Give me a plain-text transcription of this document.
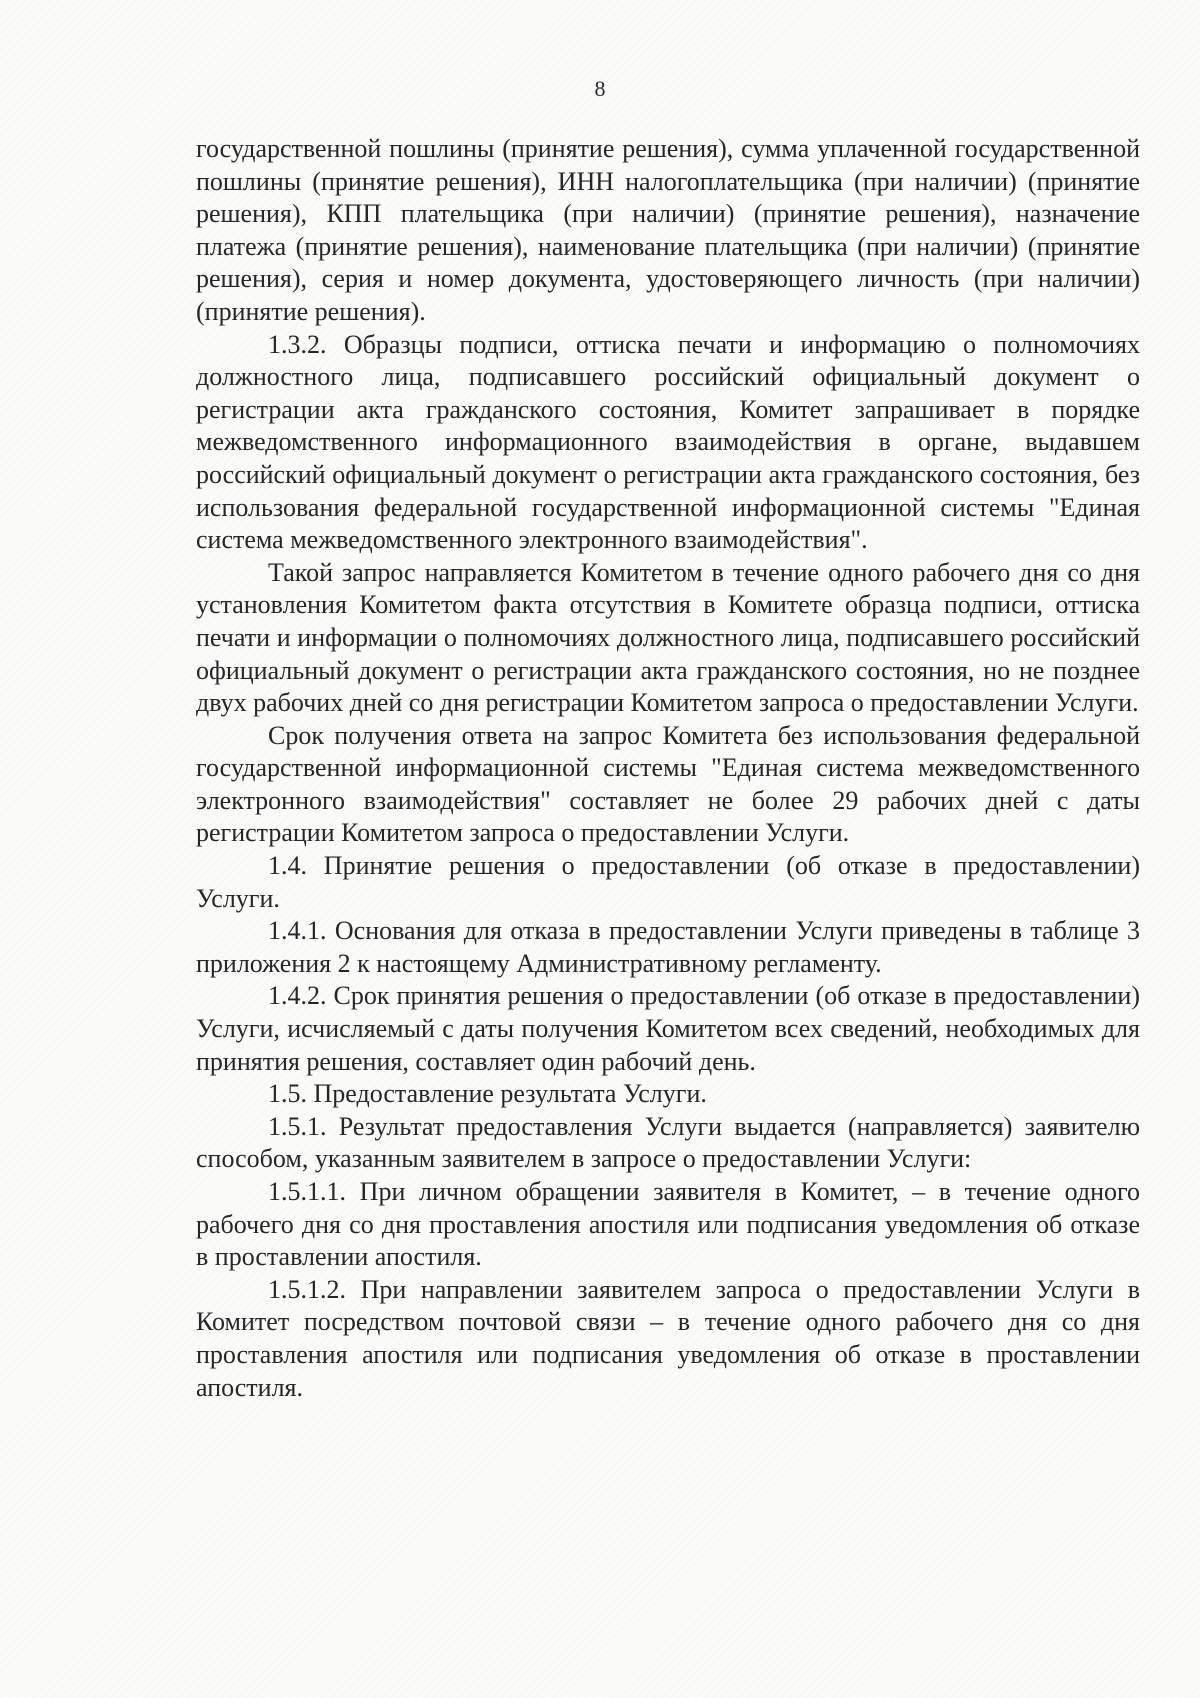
8

государственной пошлины (принятие решения), сумма уплаченной государственной пошлины (принятие решения), ИНН налогоплательщика (при наличии) (принятие решения), КПП плательщика (при наличии) (принятие решения), назначение платежа (принятие решения), наименование плательщика (при наличии) (принятие решения), серия и номер документа, удостоверяющего личность (при наличии) (принятие решения).

1.3.2. Образцы подписи, оттиска печати и информацию о полномочиях должностного лица, подписавшего российский официальный документ о регистрации акта гражданского состояния, Комитет запрашивает в порядке межведомственного информационного взаимодействия в органе, выдавшем российский официальный документ о регистрации акта гражданского состояния, без использования федеральной государственной информационной системы "Единая система межведомственного электронного взаимодействия".

Такой запрос направляется Комитетом в течение одного рабочего дня со дня установления Комитетом факта отсутствия в Комитете образца подписи, оттиска печати и информации о полномочиях должностного лица, подписавшего российский официальный документ о регистрации акта гражданского состояния, но не позднее двух рабочих дней со дня регистрации Комитетом запроса о предоставлении Услуги.

Срок получения ответа на запрос Комитета без использования федеральной государственной информационной системы "Единая система межведомственного электронного взаимодействия" составляет не более 29 рабочих дней с даты регистрации Комитетом запроса о предоставлении Услуги.

1.4. Принятие решения о предоставлении (об отказе в предоставлении) Услуги.

1.4.1. Основания для отказа в предоставлении Услуги приведены в таблице 3 приложения 2 к настоящему Административному регламенту.

1.4.2. Срок принятия решения о предоставлении (об отказе в предоставлении) Услуги, исчисляемый с даты получения Комитетом всех сведений, необходимых для принятия решения, составляет один рабочий день.

1.5. Предоставление результата Услуги.

1.5.1. Результат предоставления Услуги выдается (направляется) заявителю способом, указанным заявителем в запросе о предоставлении Услуги:

1.5.1.1. При личном обращении заявителя в Комитет, – в течение одного рабочего дня со дня проставления апостиля или подписания уведомления об отказе в проставлении апостиля.

1.5.1.2. При направлении заявителем запроса о предоставлении Услуги в Комитет посредством почтовой связи – в течение одного рабочего дня со дня проставления апостиля или подписания уведомления об отказе в проставлении апостиля.
